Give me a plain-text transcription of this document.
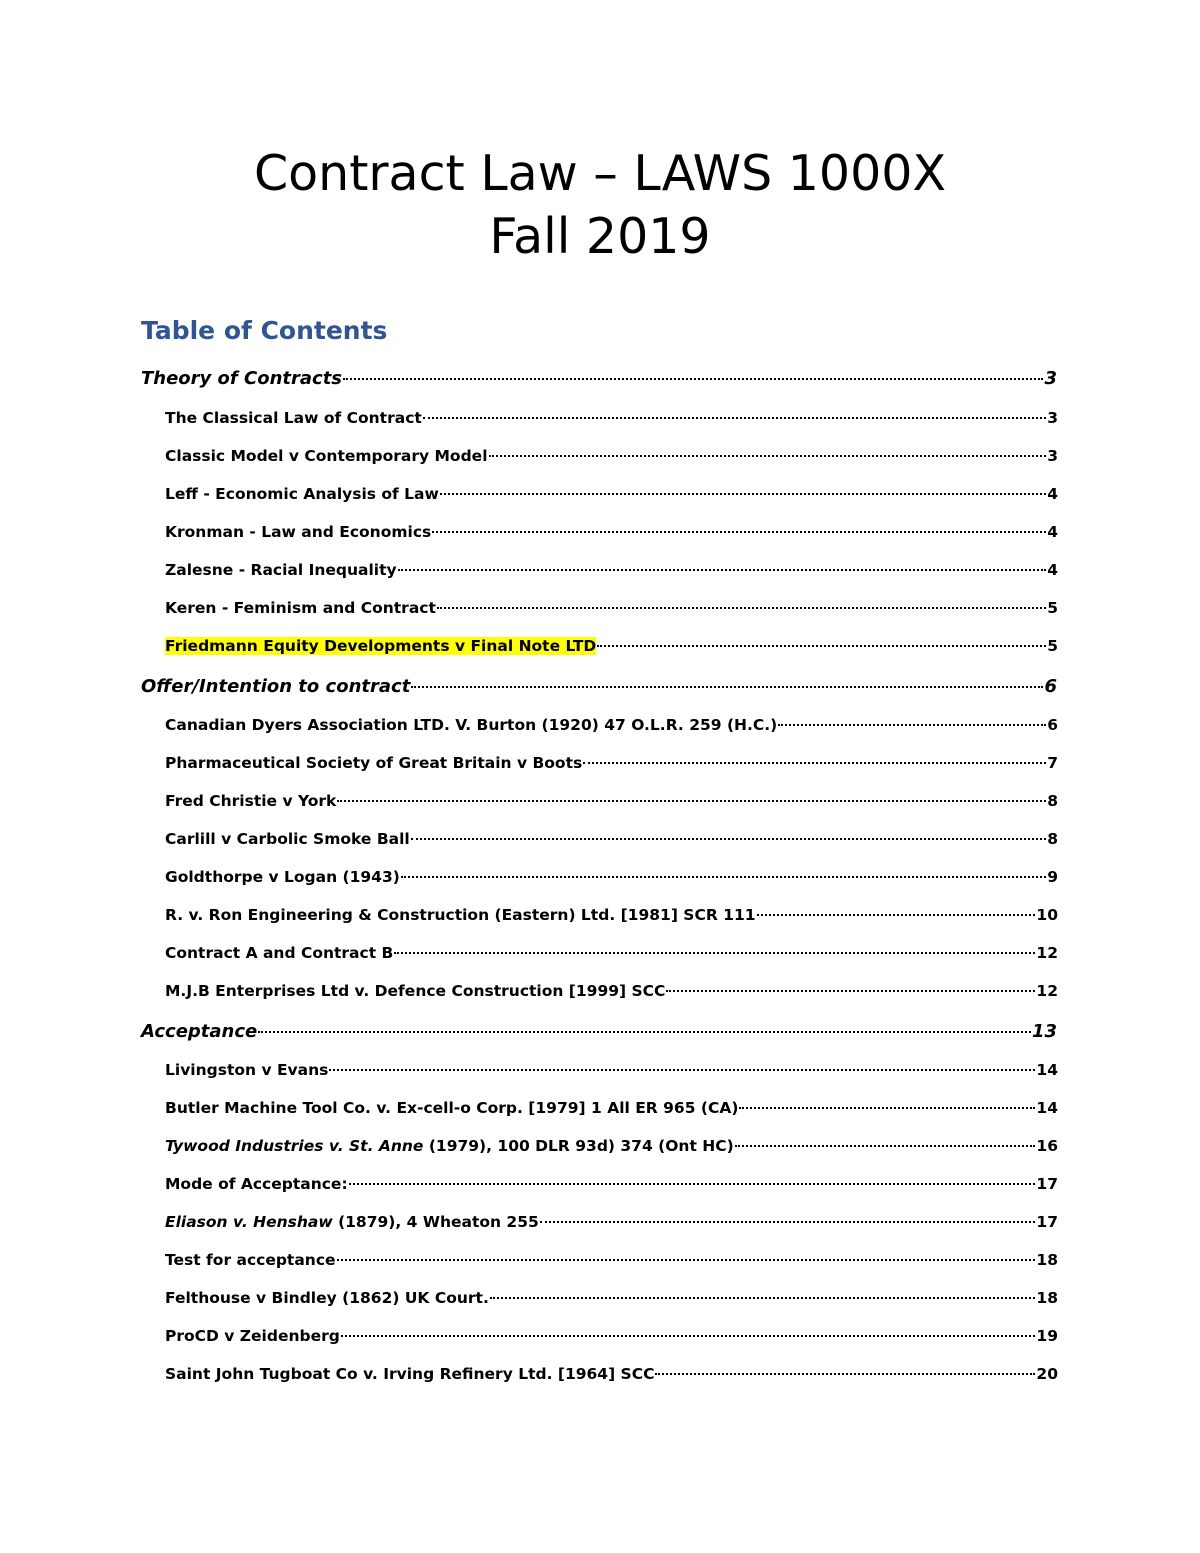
Contract Law – LAWS 1000X
Fall 2019
Table of Contents
Theory of Contracts	3
The Classical Law of Contract	3
Classic Model v Contemporary Model	3
Leff - Economic Analysis of Law	4
Kronman - Law and Economics	4
Zalesne - Racial Inequality	4
Keren - Feminism and Contract	5
Friedmann Equity Developments v Final Note LTD	5
Offer/Intention to contract	6
Canadian Dyers Association LTD. V. Burton (1920) 47 O.L.R. 259 (H.C.)	6
Pharmaceutical Society of Great Britain v Boots	7
Fred Christie v York	8
Carlill v Carbolic Smoke Ball	8
Goldthorpe v Logan (1943)	9
R. v. Ron Engineering & Construction (Eastern) Ltd. [1981] SCR 111	10
Contract A and Contract B	12
M.J.B Enterprises Ltd v. Defence Construction [1999] SCC	12
Acceptance	13
Livingston v Evans	14
Butler Machine Tool Co. v. Ex-cell-o Corp. [1979] 1 All ER 965 (CA)	14
Tywood Industries v. St. Anne (1979), 100 DLR 93d) 374 (Ont HC)	16
Mode of Acceptance:	17
Eliason v. Henshaw (1879), 4 Wheaton 255	17
Test for acceptance	18
Felthouse v Bindley (1862) UK Court.	18
ProCD v Zeidenberg	19
Saint John Tugboat Co v. Irving Refinery Ltd. [1964] SCC	20
